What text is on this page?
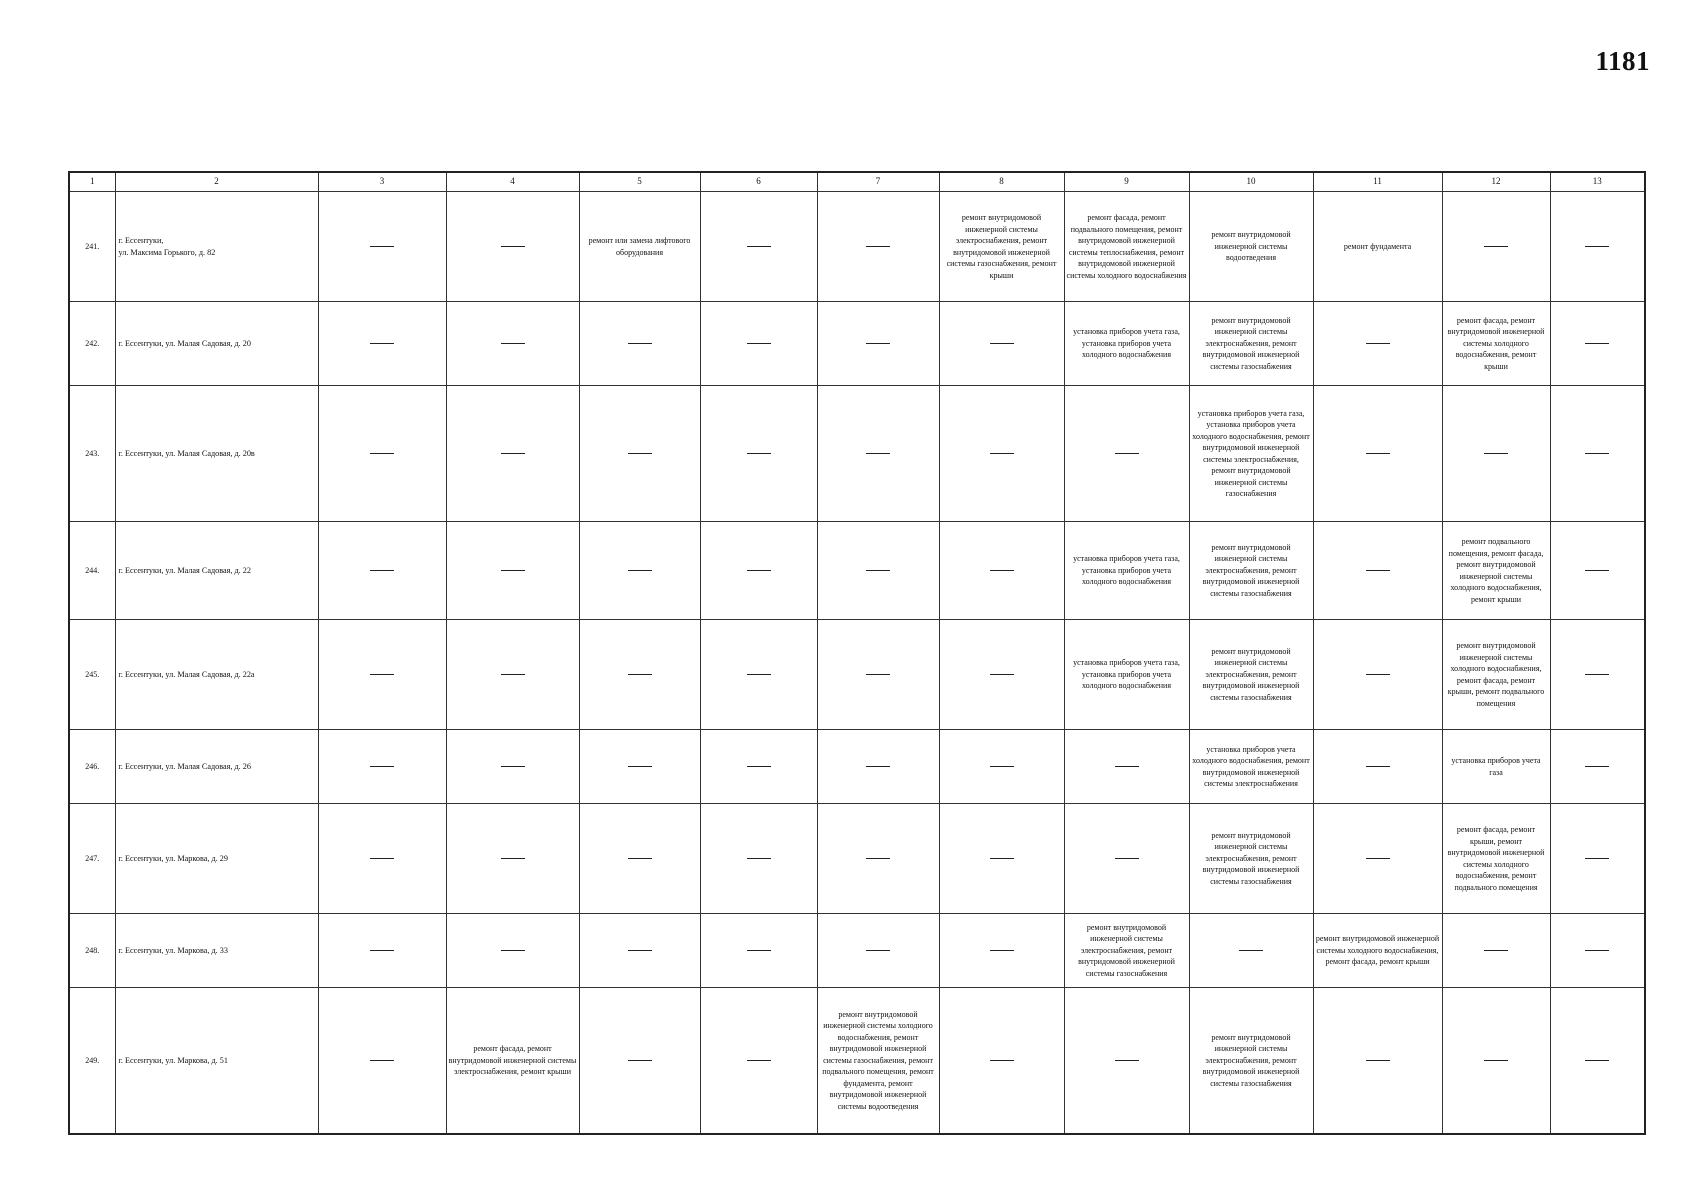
1181
1	2	3	4	5	6	7	8	9	10	11	12	13
241.	г. Ессентуки,
ул. Максима Горького, д. 82			ремонт или замена лифтового оборудования			ремонт внутридомовой инженерной системы электроснабжения, ремонт внутридомовой инженерной системы газоснабжения, ремонт крыши	ремонт фасада, ремонт подвального помещения, ремонт внутридомовой инженерной системы теплоснабжения, ремонт внутридомовой инженерной системы холодного водоснабжения	ремонт внутридомовой инженерной системы водоотведения	ремонт фундамента		
242.	г. Ессентуки, ул. Малая Садовая, д. 20							установка приборов учета газа, установка приборов учета холодного водоснабжения	ремонт внутридомовой инженерной системы электроснабжения, ремонт внутридомовой инженерной системы газоснабжения		ремонт фасада, ремонт внутридомовой инженерной системы холодного водоснабжения, ремонт крыши	
243.	г. Ессентуки, ул. Малая Садовая, д. 20в								установка приборов учета газа, установка приборов учета холодного водоснабжения, ремонт внутридомовой инженерной системы электроснабжения, ремонт внутридомовой инженерной системы газоснабжения			
244.	г. Ессентуки, ул. Малая Садовая, д. 22							установка приборов учета газа, установка приборов учета холодного водоснабжения	ремонт внутридомовой инженерной системы электроснабжения, ремонт внутридомовой инженерной системы газоснабжения		ремонт подвального помещения, ремонт фасада, ремонт внутридомовой инженерной системы холодного водоснабжения, ремонт крыши	
245.	г. Ессентуки, ул. Малая Садовая, д. 22а							установка приборов учета газа, установка приборов учета холодного водоснабжения	ремонт внутридомовой инженерной системы электроснабжения, ремонт внутридомовой инженерной системы газоснабжения		ремонт внутридомовой инженерной системы холодного водоснабжения, ремонт фасада, ремонт крыши, ремонт подвального помещения	
246.	г. Ессентуки, ул. Малая Садовая, д. 26								установка приборов учета холодного водоснабжения, ремонт внутридомовой инженерной системы электроснабжения		установка приборов учета газа	
247.	г. Ессентуки, ул. Маркова, д. 29								ремонт внутридомовой инженерной системы электроснабжения, ремонт внутридомовой инженерной системы газоснабжения		ремонт фасада, ремонт крыши, ремонт внутридомовой инженерной системы холодного водоснабжения, ремонт подвального помещения	
248.	г. Ессентуки, ул. Маркова, д. 33							ремонт внутридомовой инженерной системы электроснабжения, ремонт внутридомовой инженерной системы газоснабжения		ремонт внутридомовой инженерной системы холодного водоснабжения, ремонт фасада, ремонт крыши		
249.	г. Ессентуки, ул. Маркова, д. 51		ремонт фасада, ремонт внутридомовой инженерной системы электроснабжения, ремонт крыши			ремонт внутридомовой инженерной системы холодного водоснабжения, ремонт внутридомовой инженерной системы газоснабжения, ремонт подвального помещения, ремонт фундамента, ремонт внутридомовой инженерной системы водоотведения			ремонт внутридомовой инженерной системы электроснабжения, ремонт внутридомовой инженерной системы газоснабжения			
